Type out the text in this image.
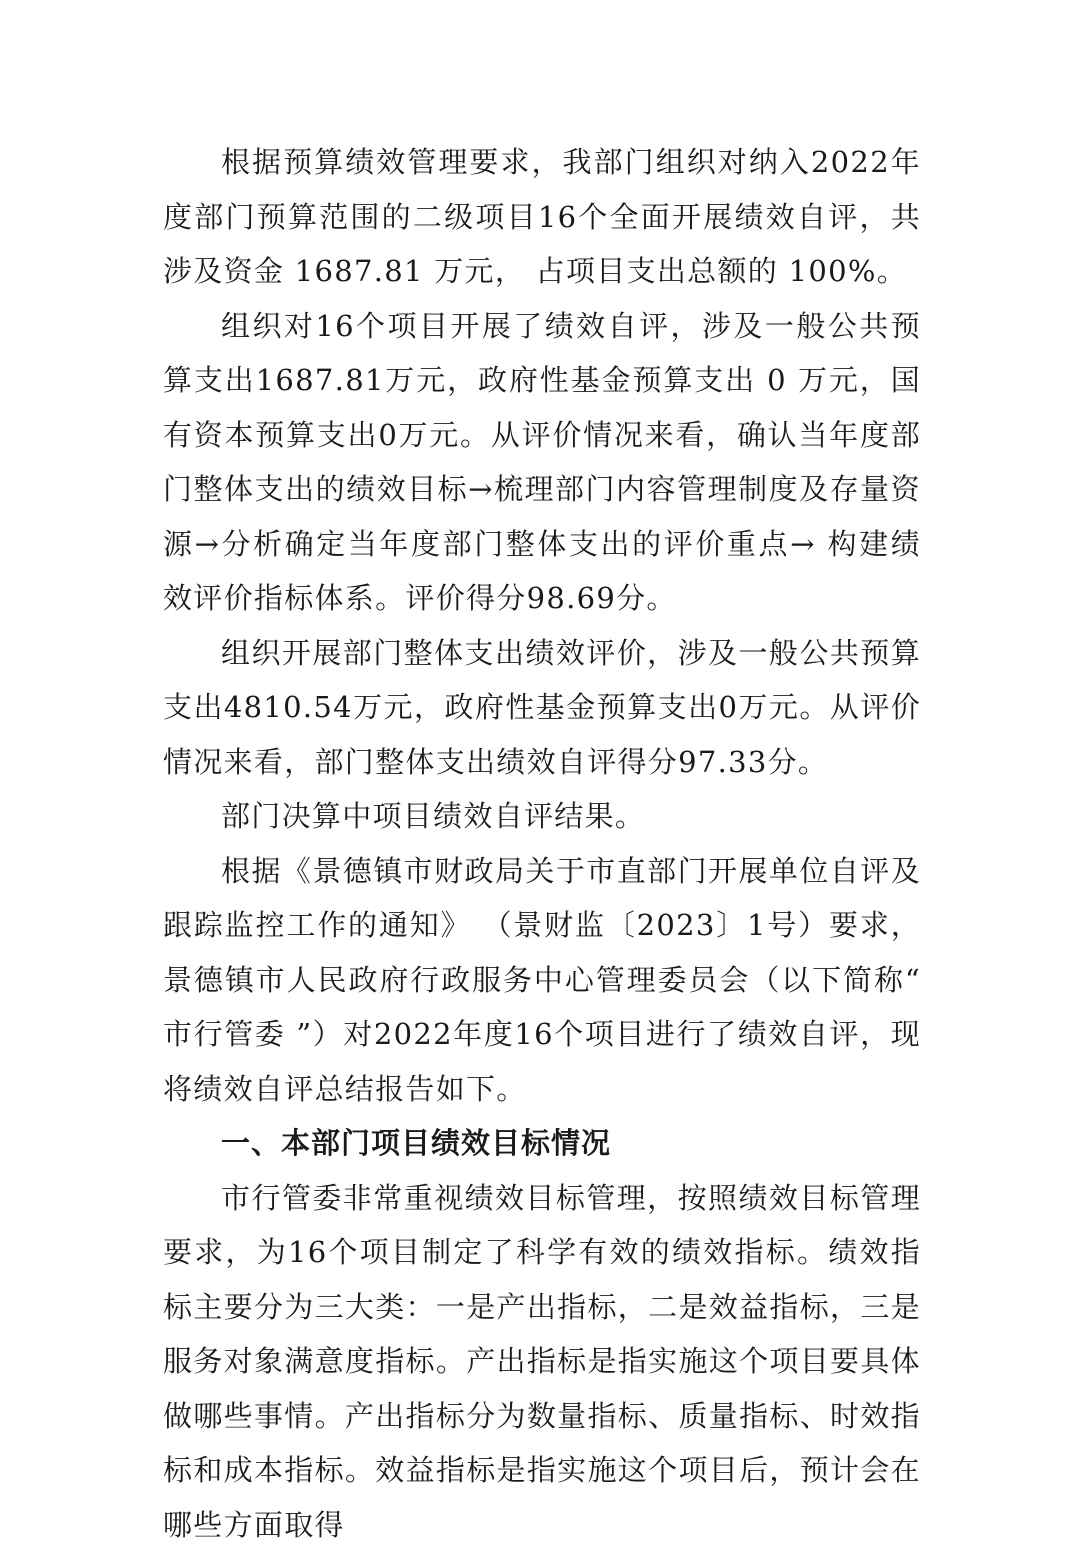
根据预算绩效管理要求，我部门组织对纳入2022年度部门预算范围的二级项目16个全面开展绩效自评，共涉及资金 1687.81 万元， 占项目支出总额的 100%。

组织对16个项目开展了绩效自评，涉及一般公共预算支出1687.81万元，政府性基金预算支出 0 万元，国有资本预算支出0万元。从评价情况来看，确认当年度部门整体支出的绩效目标→梳理部门内容管理制度及存量资源→分析确定当年度部门整体支出的评价重点→ 构建绩效评价指标体系。评价得分98.69分。

组织开展部门整体支出绩效评价，涉及一般公共预算支出4810.54万元，政府性基金预算支出0万元。从评价情况来看，部门整体支出绩效自评得分97.33分。

部门决算中项目绩效自评结果。

根据《景德镇市财政局关于市直部门开展单位自评及跟踪监控工作的通知》 （景财监〔2023〕1号）要求，景德镇市人民政府行政服务中心管理委员会（以下简称“ 市行管委 ”）对2022年度16个项目进行了绩效自评，现将绩效自评总结报告如下。

一、本部门项目绩效目标情况

市行管委非常重视绩效目标管理，按照绩效目标管理要求，为16个项目制定了科学有效的绩效指标。绩效指标主要分为三大类：一是产出指标，二是效益指标，三是服务对象满意度指标。产出指标是指实施这个项目要具体做哪些事情。产出指标分为数量指标、质量指标、时效指标和成本指标。效益指标是指实施这个项目后，预计会在哪些方面取得
